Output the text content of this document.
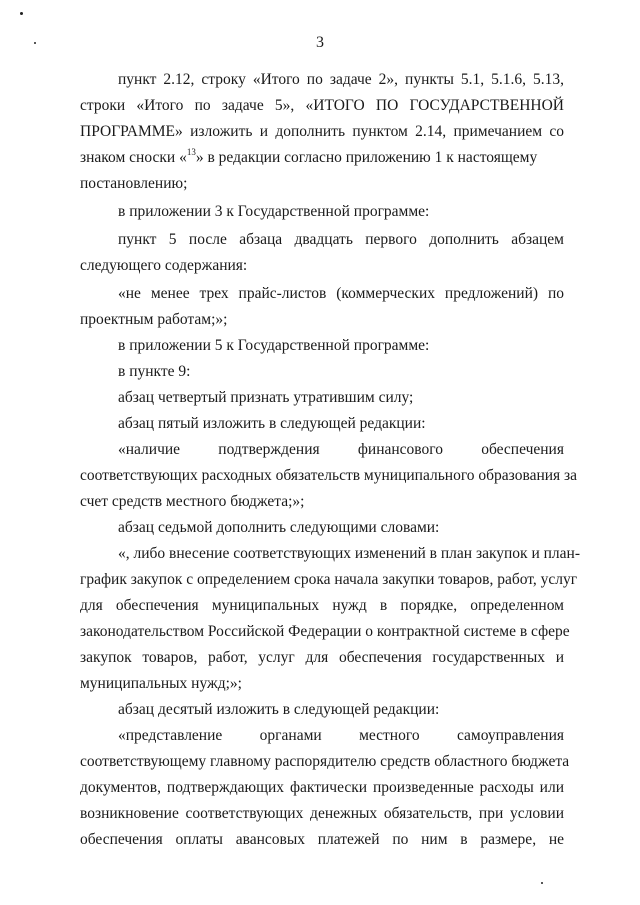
3
пункт 2.12, строку «Итого по задаче 2», пункты 5.1, 5.1.6, 5.13,
строки «Итого по задаче 5», «ИТОГО ПО ГОСУДАРСТВЕННОЙ
ПРОГРАММЕ» изложить и дополнить пунктом 2.14, примечанием со
знаком сноски «$^{13}$» в редакции согласно приложению 1 к настоящему
постановлению;
в приложении 3 к Государственной программе:
пункт 5 после абзаца двадцать первого дополнить абзацем
следующего содержания:
«не менее трех прайс-листов (коммерческих предложений) по
проектным работам;»;
в приложении 5 к Государственной программе:
в пункте 9:
абзац четвертый признать утратившим силу;
абзац пятый изложить в следующей редакции:
«наличие подтверждения финансового обеспечения
соответствующих расходных обязательств муниципального образования за
счет средств местного бюджета;»;
абзац седьмой дополнить следующими словами:
«, либо внесение соответствующих изменений в план закупок и план-
график закупок с определением срока начала закупки товаров, работ, услуг
для обеспечения муниципальных нужд в порядке, определенном
законодательством Российской Федерации о контрактной системе в сфере
закупок товаров, работ, услуг для обеспечения государственных и
муниципальных нужд;»;
абзац десятый изложить в следующей редакции:
«представление органами местного самоуправления
соответствующему главному распорядителю средств областного бюджета
документов, подтверждающих фактически произведенные расходы или
возникновение соответствующих денежных обязательств, при условии
обеспечения оплаты авансовых платежей по ним в размере, не
